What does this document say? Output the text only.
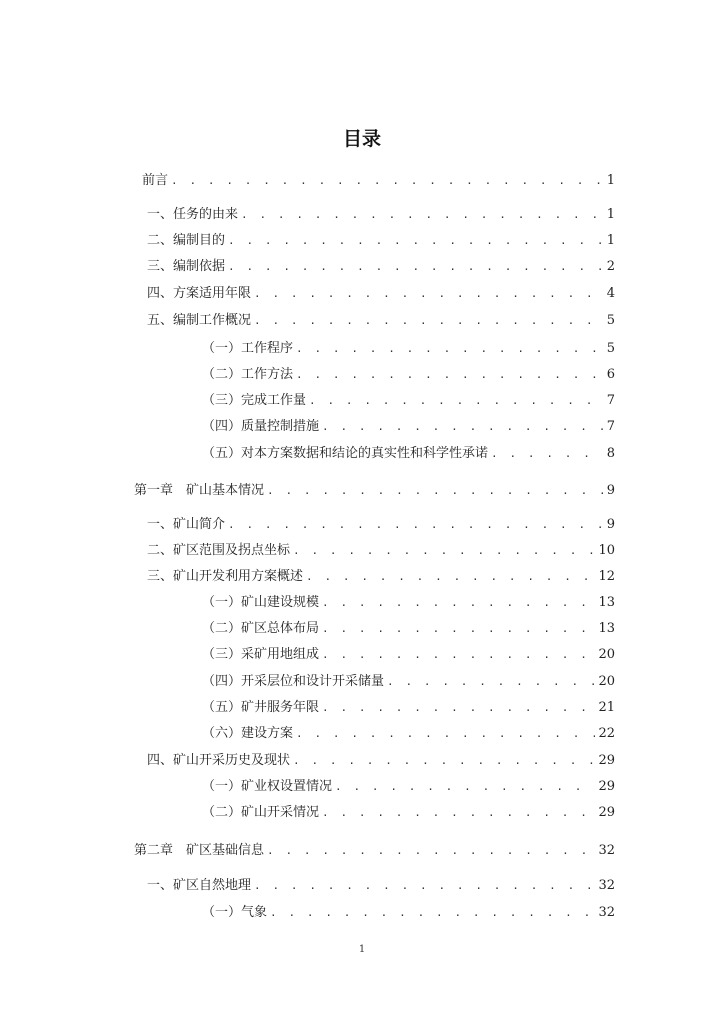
目录
前言 . . .	1
一、任务的由来 . . .	1
二、编制目的 . . .	1
三、编制依据 . . .	2
四、方案适用年限 . . .	4
五、编制工作概况 . . .	5
（一）工作程序 . . .	5
（二）工作方法 . . .	6
（三）完成工作量 . . .	7
（四）质量控制措施 . . .	7
（五）对本方案数据和结论的真实性和科学性承诺 . . .	8
第一章　矿山基本情况 . . .	9
一、矿山简介 . . .	9
二、矿区范围及拐点坐标 . . .	10
三、矿山开发利用方案概述 . . .	12
（一）矿山建设规模 . . .	13
（二）矿区总体布局 . . .	13
（三）采矿用地组成 . . .	20
（四）开采层位和设计开采储量 . . .	20
（五）矿井服务年限 . . .	21
（六）建设方案 . . .	22
四、矿山开采历史及现状 . . .	29
（一）矿业权设置情况 . . .	29
（二）矿山开采情况 . . .	29
第二章　矿区基础信息 . . .	32
一、矿区自然地理 . . .	32
（一）气象 . . .	32
1
